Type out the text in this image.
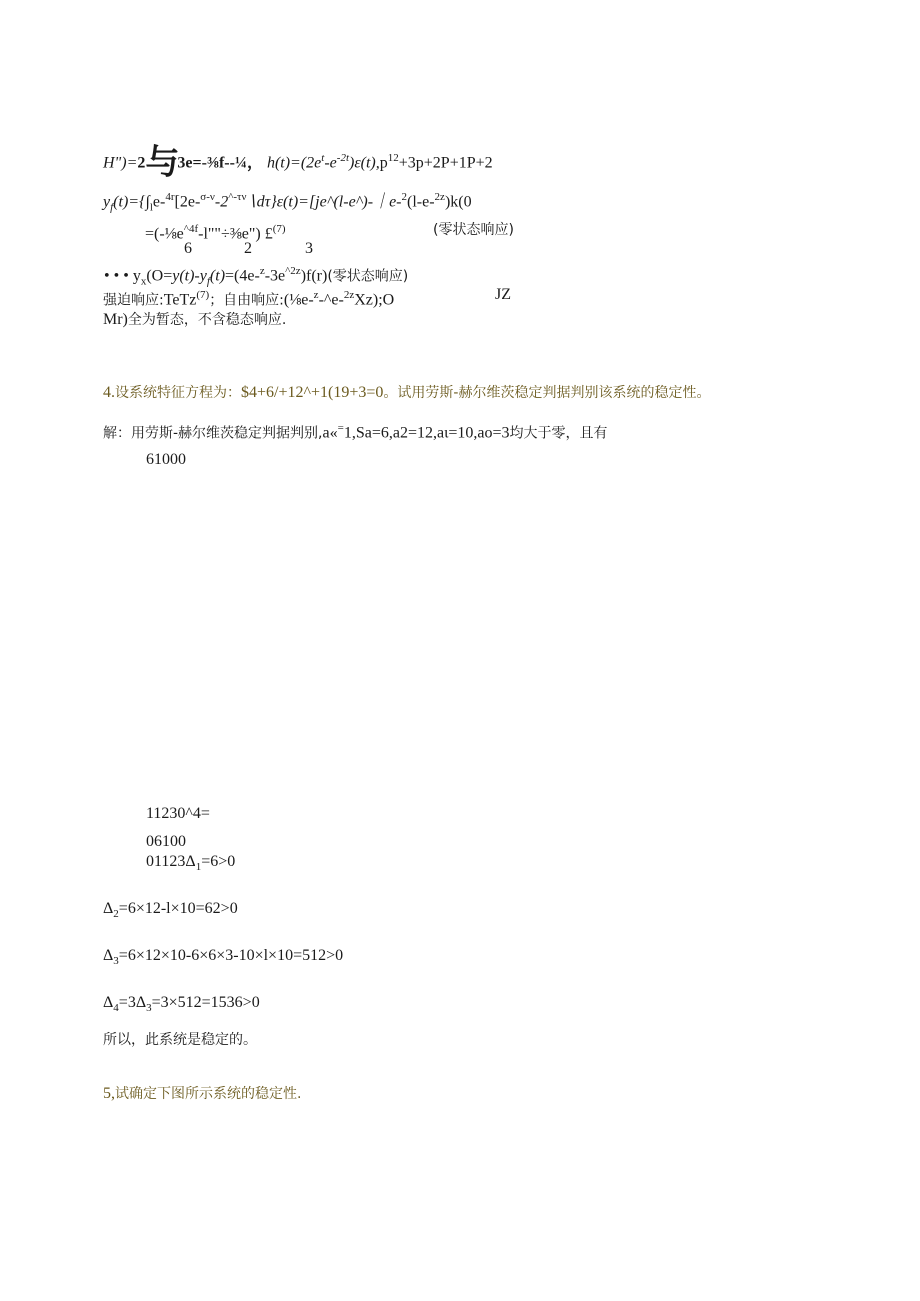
H")=2与3e=-⅜f--¼， $h(t)=(2e^t-e^{-2t})\varepsilon(t),p^{12}+3p+2P+1P+2$
$y_f(t)=\{\int_le-^{4r}[2e-^{\sigma-\nu}-2^{\^{}-\tau\nu}∖d\tau\}\varepsilon(t)=[je\^{}(l-e\^{})-|e-^2(l-e-^{2z})k(0$
$=(-\frac{1}{8}e^{\^{}4f}-l""\div\frac{3}{8}e")$ £$^{(7)}$	(零状态响应)
6	2	3
• • • $y_x(O=y(t)-y_f(t)=(4e-^z-3e^{\^{}2z})f(r)$(零状态响应)
强迫响应:TeTz$^{(7)}$；自由响应:(⅛e-$^z$-^e-$^{2z}$Xz);O	JZ
Mr)全为暂态，不含稳态响应.
4.设系统特征方程为：$4+6/+12^+1(19+3=0。试用劳斯-赫尔维茨稳定判据判别该系统的稳定性。
解：用劳斯-赫尔维茨稳定判据判别,a«=1,Sa=6,a2=12,aι=10,ao=3均大于零，且有
61000
11230^4=
06100
$01123\Delta_1=6>0$
$\Delta_2=6\times 12-l\times 10=62>0$
$\Delta_3=6\times 12\times 10-6\times 6\times 3-10\times l\times 10=512>0$
$\Delta_4=3\Delta_3=3\times 512=1536>0$
所以，此系统是稳定的。
5,试确定下图所示系统的稳定性.
